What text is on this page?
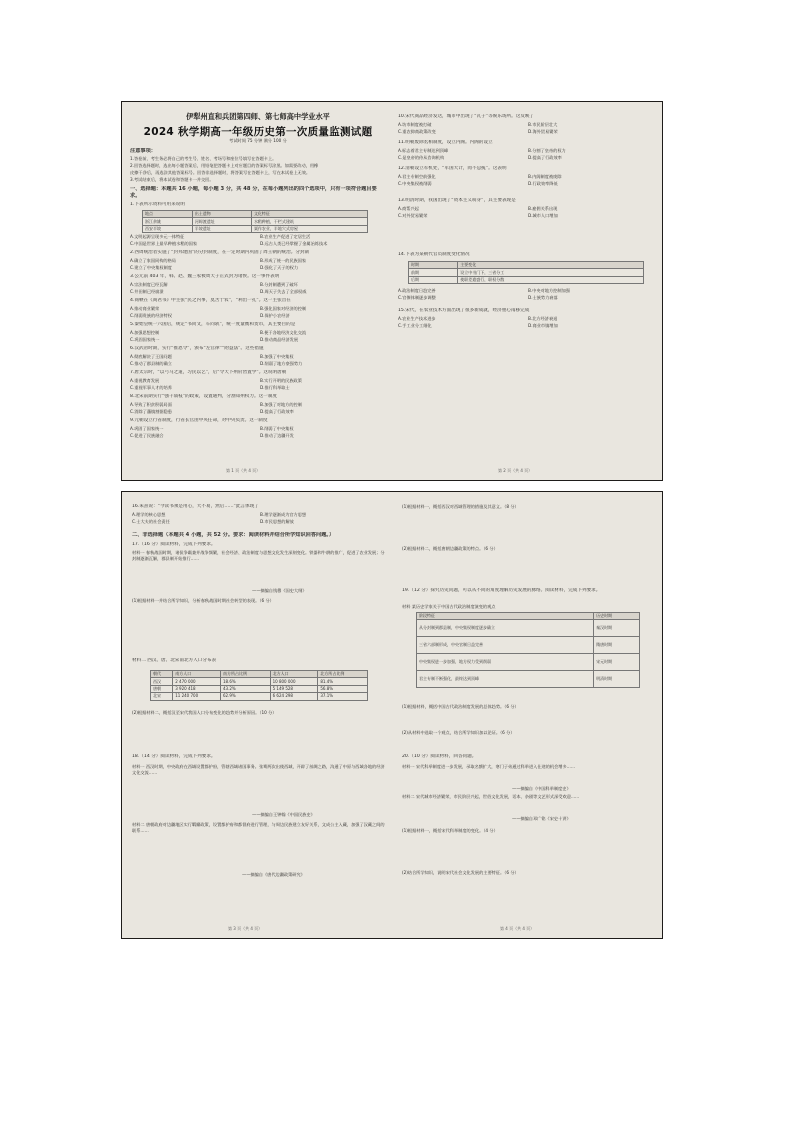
伊犁州直和兵团第四师、第七师高中学业水平
2024 秋学期高一年级历史第一次质量监测试题
考试时间 75 分钟 满分 100 分
注意事项：
1.答卷前，考生务必将自己的考生号、姓名、考场号和座位号填写在答题卡上。
2.回答选择题时，选出每小题答案后，用铅笔把答题卡上对应题目的答案标号涂黑。如需要改动，用橡
皮擦干净后，再选涂其他答案标号。回答非选择题时，将答案写在答题卡上，写在本试卷上无效。
3.考试结束后，将本试卷和答题卡一并交回。
一、选择题：本题共 16 小题，每小题 3 分，共 48 分，在每小题列出的四个选项中，只有一项符合题目要求。
1.下表所示资料可用来说明
地点	出土遗物	文化特征
浙江余姚	河姆渡遗址	水稻种植，干栏式建筑
西安半坡	半坡遗址	粟作农业，半地穴式房屋
A.文明起源呈现多元一体特征	B.农业生产促进了定居生活
C.中国是世界上最早种植水稻的国家	D.远古人类已经掌握了金属冶炼技术
2.西周统治者实施了“封邦建国”的分封制度，在一定时期内巩固了周王朝的统治。分封制
A.确立了家国同构的格局	B.形成了统一的民族国家
C.建立了中央集权制度	D.强化了天子的权力
3.公元前 403 年，韩、赵、魏三家被周天子正式封为诸侯。这一事件表明
A.宗法制度已经瓦解	B.分封制遭到了破坏
C.井田制已经崩溃	D.周天子失去了全部权威
4.商鞅在《商君书》中主张“民之内事，莫苦于农”，“利出一孔”。这一主张旨在
A.推动商业繁荣	B.强化国家对经济的控制
C.削弱贵族的经济特权	D.保护小农经济
5.秦始皇统一六国后，规定“书同文，车同轨”，统一度量衡和货币，其主要目的是
A.加强思想控制	B.便于各地经济文化交流
C.巩固国家统一	D.推动商品经济发展
6.汉武帝时期，实行“推恩令”，颁布“左官律”“附益法”。这些措施
A.彻底解决了王国问题	B.加强了中央集权
C.推动了郡县制的确立	D.削弱了地方豪强势力
7.唐太宗时，“以弓马之道，习民以艺”，后“令天下州府皆置学”。这说明唐朝
A.重视教育发展	B.实行开明的民族政策
C.重视军事人才的培养	D.推行科举取士
8.北宋前期实行“强干弱枝”的政策，设置通判，分割知州权力。这一制度
A.导致了积贫积弱局面	B.加强了对地方的控制
C.消除了藩镇割据隐患	D.提高了行政效率
9.元朝设立行省制度，行省长官由中央任命，对中央负责。这一制度
A.巩固了国家统一	B.削弱了中央集权
C.促进了民族融合	D.推动了边疆开发
第 1 页（共 4 页）
10.宋代商品经济发达，城市中出现了“瓦子”等娱乐场所。这反映了
A.坊市制度被打破	B.市民阶层壮大
C.重农抑商政策改变	D.海外贸易繁荣
11.明朝废除丞相制度，设立内阁。内阁的设立
A.标志着君主专制达到顶峰	B.分割了皇帝的权力
C.是皇帝的侍从咨询机构	D.提高了行政效率
12.清朝设立军机处，“军国大计，罔不总揽”。这表明
A.君主专制空前强化	B.内阁制度被废除
C.中央集权被削弱	D.行政效率降低
13.明清时期，我国出现了“资本主义萌芽”，其主要表现是
A.商帮兴起	B.雇佣关系出现
C.对外贸易繁荣	D.城市人口增加
14.下表为某朝代官员制度变化情况
时期	主要变化
前期	设立中书门下，三省分工
后期	使职差遣盛行，职权分散
A.政治制度日趋完善	B.中央对地方控制加强
C.官僚体制逐步调整	D.士族势力衰落
15.宋代，在农业技术方面出现了很多新成就，经济重心南移完成
A.农业生产技术进步	B.北方经济衰退
C.手工业分工细化	D.商业市镇增加
第 2 页（共 4 页）
16.朱熹说：“今读书须是用心，大不易，然后……”此言体现了
A.理学的核心思想	B.理学逐渐成为官方思想
C.士大夫的社会责任	D.市民思想的解放
二、非选择题（本题共 4 小题，共 52 分。要求：阅读材料并结合所学知识回答问题。）
17.（16 分）阅读材料，完成下列要求。
材料一 春秋战国时期，诸侯争霸兼并战争频繁，社会经济、政治制度与思想文化发生深刻变化。铁器和牛耕的推广，促进了农业发展；分封制逐渐瓦解，郡县制开始推行……
——摘编自钱穆《国史大纲》
(1)根据材料一并结合所学知识，分析春秋战国时期社会转型的表现。（6 分）
材料二 西汉、唐、北宋南北方人口分布表
朝代	南方人口	南方所占比例	北方人口	北方所占比例
西汉	2 470 000	18.6%	10 800 000	81.4%
唐朝	3 920 418	43.2%	5 149 528	56.8%
北宋	11 240 700	62.9%	6 624 298	37.1%
(2)根据材料二，概括汉至宋代我国人口分布变化的趋势并分析原因。（10 分）
18.（14 分）阅读材料，完成下列要求。
材料一 西汉时期，中央政府在西域设置都护府，管辖西域诸国事务。张骞两次出使西域，开辟了丝绸之路，沟通了中原与西域各地的经济文化交流……
——摘编自王钟翰《中国民族史》
材料二 唐朝政府对边疆地区实行羁縻政策，设置都护府和都督府进行管理，与周边民族建立友好关系，文成公主入藏，加强了汉藏之间的联系……
——摘编自《唐代边疆政策研究》
第 3 页（共 4 页）
(1)根据材料一，概括西汉对西域管理的措施及其意义。（8 分）
(2)根据材料二，概括唐朝边疆政策的特点。（6 分）
19.（12 分）探究历史问题，可以从不同的角度理解历史发展的脉络。阅读材料，完成下列要求。
材料 某历史学家关于中国古代政治制度演变的观点
阶段特征	历史时期
从分封制到郡县制，中央集权制度逐步确立	秦汉时期
三省六部制形成，中央官制日益完善	隋唐时期
中央集权进一步加强，地方权力受到削弱	宋元时期
君主专制不断强化，最终达到顶峰	明清时期
(1)根据材料，概括中国古代政治制度发展的总体趋势。（6 分）
(2)从材料中选取一个观点，结合所学知识加以论证。（6 分）
20.（10 分）阅读材料，回答问题。
材料一 宋代科举制度进一步发展，录取名额扩大，寒门子弟通过科举进入仕途的机会增多……
——摘编自《中国科举制度史》
材料二 宋代城市经济繁荣，市民阶层兴起，世俗文化发展，话本、杂剧等文艺形式深受欢迎……
——摘编自邓广铭《宋史十讲》
(1)根据材料一，概括宋代科举制度的变化。（4 分）
(2)结合所学知识，说明宋代社会文化发展的主要特征。（6 分）
第 4 页（共 4 页）
